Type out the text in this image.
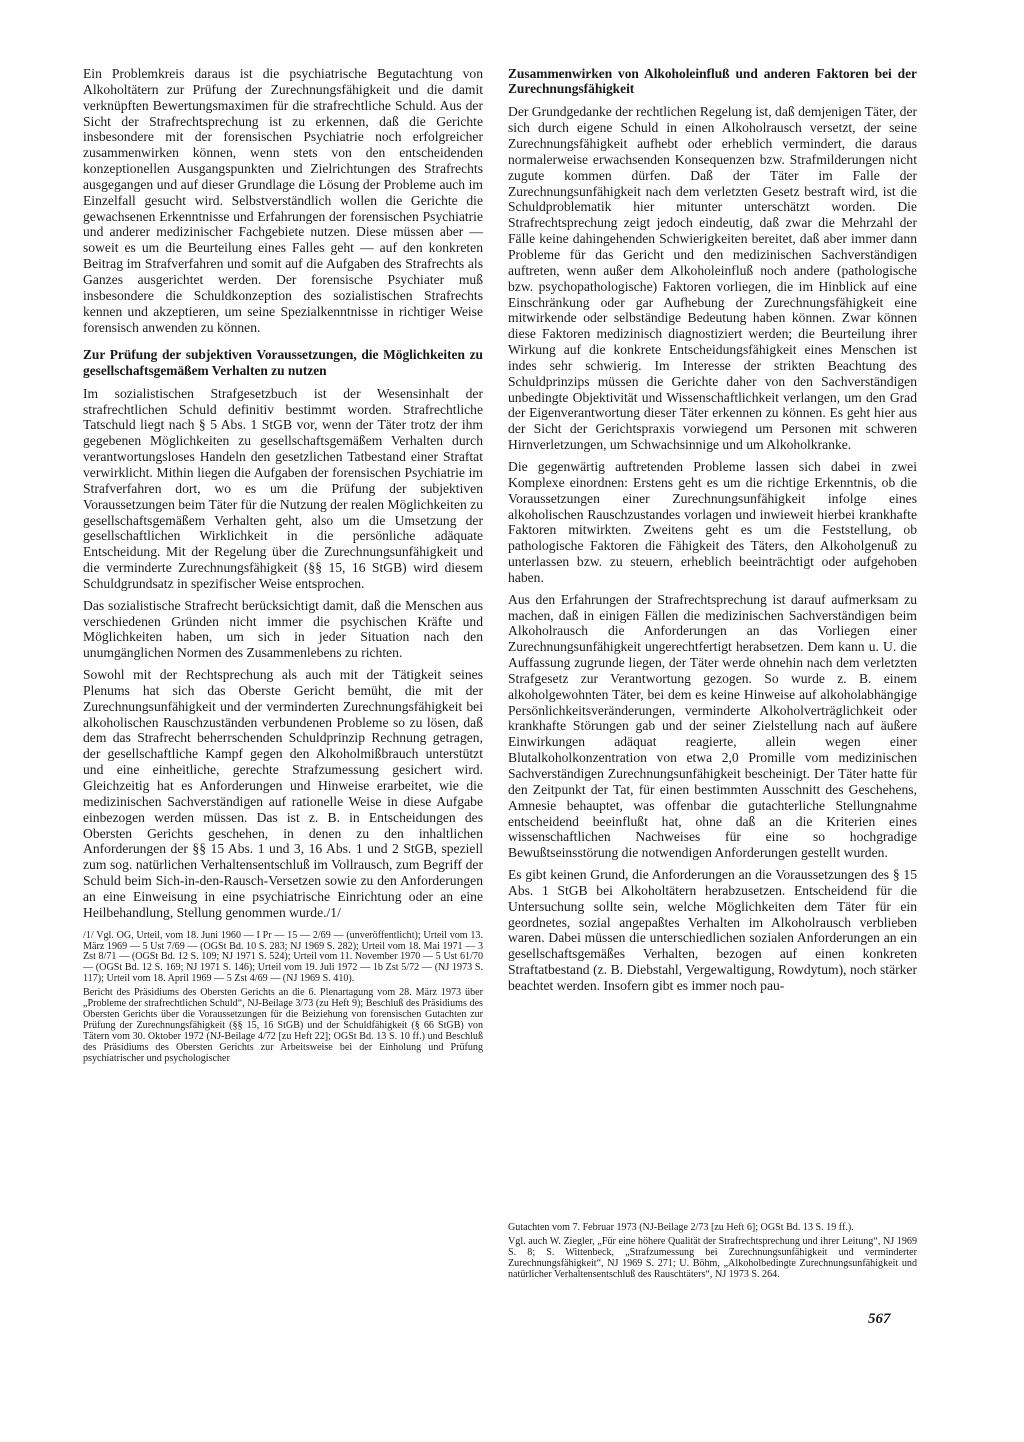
Ein Problemkreis daraus ist die psychiatrische Begutachtung von Alkoholtätern zur Prüfung der Zurechnungsfähigkeit und die damit verknüpften Bewertungsmaximen für die strafrechtliche Schuld. Aus der Sicht der Strafrechtsprechung ist zu erkennen, daß die Gerichte insbesondere mit der forensischen Psychiatrie noch erfolgreicher zusammenwirken können, wenn stets von den entscheidenden konzeptionellen Ausgangspunkten und Zielrichtungen des Strafrechts ausgegangen und auf dieser Grundlage die Lösung der Probleme auch im Einzelfall gesucht wird. Selbstverständlich wollen die Gerichte die gewachsenen Erkenntnisse und Erfahrungen der forensischen Psychiatrie und anderer medizinischer Fachgebiete nutzen. Diese müssen aber — soweit es um die Beurteilung eines Falles geht — auf den konkreten Beitrag im Strafverfahren und somit auf die Aufgaben des Strafrechts als Ganzes ausgerichtet werden. Der forensische Psychiater muß insbesondere die Schuldkonzeption des sozialistischen Strafrechts kennen und akzeptieren, um seine Spezialkenntnisse in richtiger Weise forensisch anwenden zu können.

Zur Prüfung der subjektiven Voraussetzungen, die Möglichkeiten zu gesellschaftsgemäßem Verhalten zu nutzen

Im sozialistischen Strafgesetzbuch ist der Wesensinhalt der strafrechtlichen Schuld definitiv bestimmt worden. Strafrechtliche Tatschuld liegt nach § 5 Abs. 1 StGB vor, wenn der Täter trotz der ihm gegebenen Möglichkeiten zu gesellschaftsgemäßem Verhalten durch verantwortungsloses Handeln den gesetzlichen Tatbestand einer Straftat verwirklicht. Mithin liegen die Aufgaben der forensischen Psychiatrie im Strafverfahren dort, wo es um die Prüfung der subjektiven Voraussetzungen beim Täter für die Nutzung der realen Möglichkeiten zu gesellschaftsgemäßem Verhalten geht, also um die Umsetzung der gesellschaftlichen Wirklichkeit in die persönliche adäquate Entscheidung. Mit der Regelung über die Zurechnungsunfähigkeit und die verminderte Zurechnungsfähigkeit (§§ 15, 16 StGB) wird diesem Schuldgrundsatz in spezifischer Weise entsprochen.

Das sozialistische Strafrecht berücksichtigt damit, daß die Menschen aus verschiedenen Gründen nicht immer die psychischen Kräfte und Möglichkeiten haben, um sich in jeder Situation nach den unumgänglichen Normen des Zusammenlebens zu richten.

Sowohl mit der Rechtsprechung als auch mit der Tätigkeit seines Plenums hat sich das Oberste Gericht bemüht, die mit der Zurechnungsunfähigkeit und der verminderten Zurechnungsfähigkeit bei alkoholischen Rauschzuständen verbundenen Probleme so zu lösen, daß dem das Strafrecht beherrschenden Schuldprinzip Rechnung getragen, der gesellschaftliche Kampf gegen den Alkoholmißbrauch unterstützt und eine einheitliche, gerechte Strafzumessung gesichert wird. Gleichzeitig hat es Anforderungen und Hinweise erarbeitet, wie die medizinischen Sachverständigen auf rationelle Weise in diese Aufgabe einbezogen werden müssen. Das ist z. B. in Entscheidungen des Obersten Gerichts geschehen, in denen zu den inhaltlichen Anforderungen der §§ 15 Abs. 1 und 3, 16 Abs. 1 und 2 StGB, speziell zum sog. natürlichen Verhaltensentschluß im Vollrausch, zum Begriff der Schuld beim Sich-in-den-Rausch-Versetzen sowie zu den Anforderungen an eine Einweisung in eine psychiatrische Einrichtung oder an eine Heilbehandlung, Stellung genommen wurde./1/

/1/ Vgl. OG, Urteil, vom 18. Juni 1960 — I Pr — 15 — 2/69 — (unveröffentlicht); Urteil vom 13. März 1969 — 5 Ust 7/69 — (OGSt Bd. 10 S. 283; NJ 1969 S. 282); Urteil vom 18. Mai 1971 — 3 Zst 8/71 — (OGSt Bd. 12 S. 109; NJ 1971 S. 524); Urteil vom 11. November 1970 — 5 Ust 61/70 — (OGSt Bd. 12 S. 169; NJ 1971 S. 146); Urteil vom 19. Juli 1972 — 1b Zst 5/72 — (NJ 1973 S. 117); Urteil vom 18. April 1969 — 5 Zst 4/69 — (NJ 1969 S. 410).

Bericht des Präsidiums des Obersten Gerichts an die 6. Plenartagung vom 28. März 1973 über „Probleme der strafrechtlichen Schuld“, NJ-Beilage 3/73 (zu Heft 9); Beschluß des Präsidiums des Obersten Gerichts über die Voraussetzungen für die Beiziehung von forensischen Gutachten zur Prüfung der Zurechnungsfähigkeit (§§ 15, 16 StGB) und der Schuldfähigkeit (§ 66 StGB) von Tätern vom 30. Oktober 1972 (NJ-Beilage 4/72 [zu Heft 22]; OGSt Bd. 13 S. 10 ff.) und Beschluß des Präsidiums des Obersten Gerichts zur Arbeitsweise bei der Einholung und Prüfung psychiatrischer und psychologischer

Zusammenwirken von Alkoholeinfluß und anderen Faktoren bei der Zurechnungsfähigkeit

Der Grundgedanke der rechtlichen Regelung ist, daß demjenigen Täter, der sich durch eigene Schuld in einen Alkoholrausch versetzt, der seine Zurechnungsfähigkeit aufhebt oder erheblich vermindert, die daraus normalerweise erwachsenden Konsequenzen bzw. Strafmilderungen nicht zugute kommen dürfen. Daß der Täter im Falle der Zurechnungsunfähigkeit nach dem verletzten Gesetz bestraft wird, ist die Schuldproblematik hier mitunter unterschätzt worden. Die Strafrechtsprechung zeigt jedoch eindeutig, daß zwar die Mehrzahl der Fälle keine dahingehenden Schwierigkeiten bereitet, daß aber immer dann Probleme für das Gericht und den medizinischen Sachverständigen auftreten, wenn außer dem Alkoholeinfluß noch andere (pathologische bzw. psychopathologische) Faktoren vorliegen, die im Hinblick auf eine Einschränkung oder gar Aufhebung der Zurechnungsfähigkeit eine mitwirkende oder selbständige Bedeutung haben können. Zwar können diese Faktoren medizinisch diagnostiziert werden; die Beurteilung ihrer Wirkung auf die konkrete Entscheidungsfähigkeit eines Menschen ist indes sehr schwierig. Im Interesse der strikten Beachtung des Schuldprinzips müssen die Gerichte daher von den Sachverständigen unbedingte Objektivität und Wissenschaftlichkeit verlangen, um den Grad der Eigenverantwortung dieser Täter erkennen zu können. Es geht hier aus der Sicht der Gerichtspraxis vorwiegend um Personen mit schweren Hirnverletzungen, um Schwachsinnige und um Alkoholkranke.

Die gegenwärtig auftretenden Probleme lassen sich dabei in zwei Komplexe einordnen: Erstens geht es um die richtige Erkenntnis, ob die Voraussetzungen einer Zurechnungsunfähigkeit infolge eines alkoholischen Rauschzustandes vorlagen und inwieweit hierbei krankhafte Faktoren mitwirkten. Zweitens geht es um die Feststellung, ob pathologische Faktoren die Fähigkeit des Täters, den Alkoholgenuß zu unterlassen bzw. zu steuern, erheblich beeinträchtigt oder aufgehoben haben.

Aus den Erfahrungen der Strafrechtsprechung ist darauf aufmerksam zu machen, daß in einigen Fällen die medizinischen Sachverständigen beim Alkoholrausch die Anforderungen an das Vorliegen einer Zurechnungsunfähigkeit ungerechtfertigt herabsetzen. Dem kann u. U. die Auffassung zugrunde liegen, der Täter werde ohnehin nach dem verletzten Strafgesetz zur Verantwortung gezogen. So wurde z. B. einem alkoholgewohnten Täter, bei dem es keine Hinweise auf alkoholabhängige Persönlichkeitsveränderungen, verminderte Alkoholverträglichkeit oder krankhafte Störungen gab und der seiner Zielstellung nach auf äußere Einwirkungen adäquat reagierte, allein wegen einer Blutalkoholkonzentration von etwa 2,0 Promille vom medizinischen Sachverständigen Zurechnungsunfähigkeit bescheinigt. Der Täter hatte für den Zeitpunkt der Tat, für einen bestimmten Ausschnitt des Geschehens, Amnesie behauptet, was offenbar die gutachterliche Stellungnahme entscheidend beeinflußt hat, ohne daß an die Kriterien eines wissenschaftlichen Nachweises für eine so hochgradige Bewußtseinsstörung die notwendigen Anforderungen gestellt wurden.

Es gibt keinen Grund, die Anforderungen an die Voraussetzungen des § 15 Abs. 1 StGB bei Alkoholtätern herabzusetzen. Entscheidend für die Untersuchung sollte sein, welche Möglichkeiten dem Täter für ein geordnetes, sozial angepaßtes Verhalten im Alkoholrausch verblieben waren. Dabei müssen die unterschiedlichen sozialen Anforderungen an ein gesellschaftsgemäßes Verhalten, bezogen auf einen konkreten Straftatbestand (z. B. Diebstahl, Vergewaltigung, Rowdytum), noch stärker beachtet werden. Insofern gibt es immer noch pau-

Gutachten vom 7. Februar 1973 (NJ-Beilage 2/73 [zu Heft 6]; OGSt Bd. 13 S. 19 ff.).

Vgl. auch W. Ziegler, „Für eine höhere Qualität der Strafrechtsprechung und ihrer Leitung“, NJ 1969 S. 8; S. Wittenbeck, „Strafzumessung bei Zurechnungsunfähigkeit und verminderter Zurechnungsfähigkeit“, NJ 1969 S. 271; U. Böhm, „Alkoholbedingte Zurechnungsunfähigkeit und natürlicher Verhaltensentschluß des Rauschtäters“, NJ 1973 S. 264.

567
